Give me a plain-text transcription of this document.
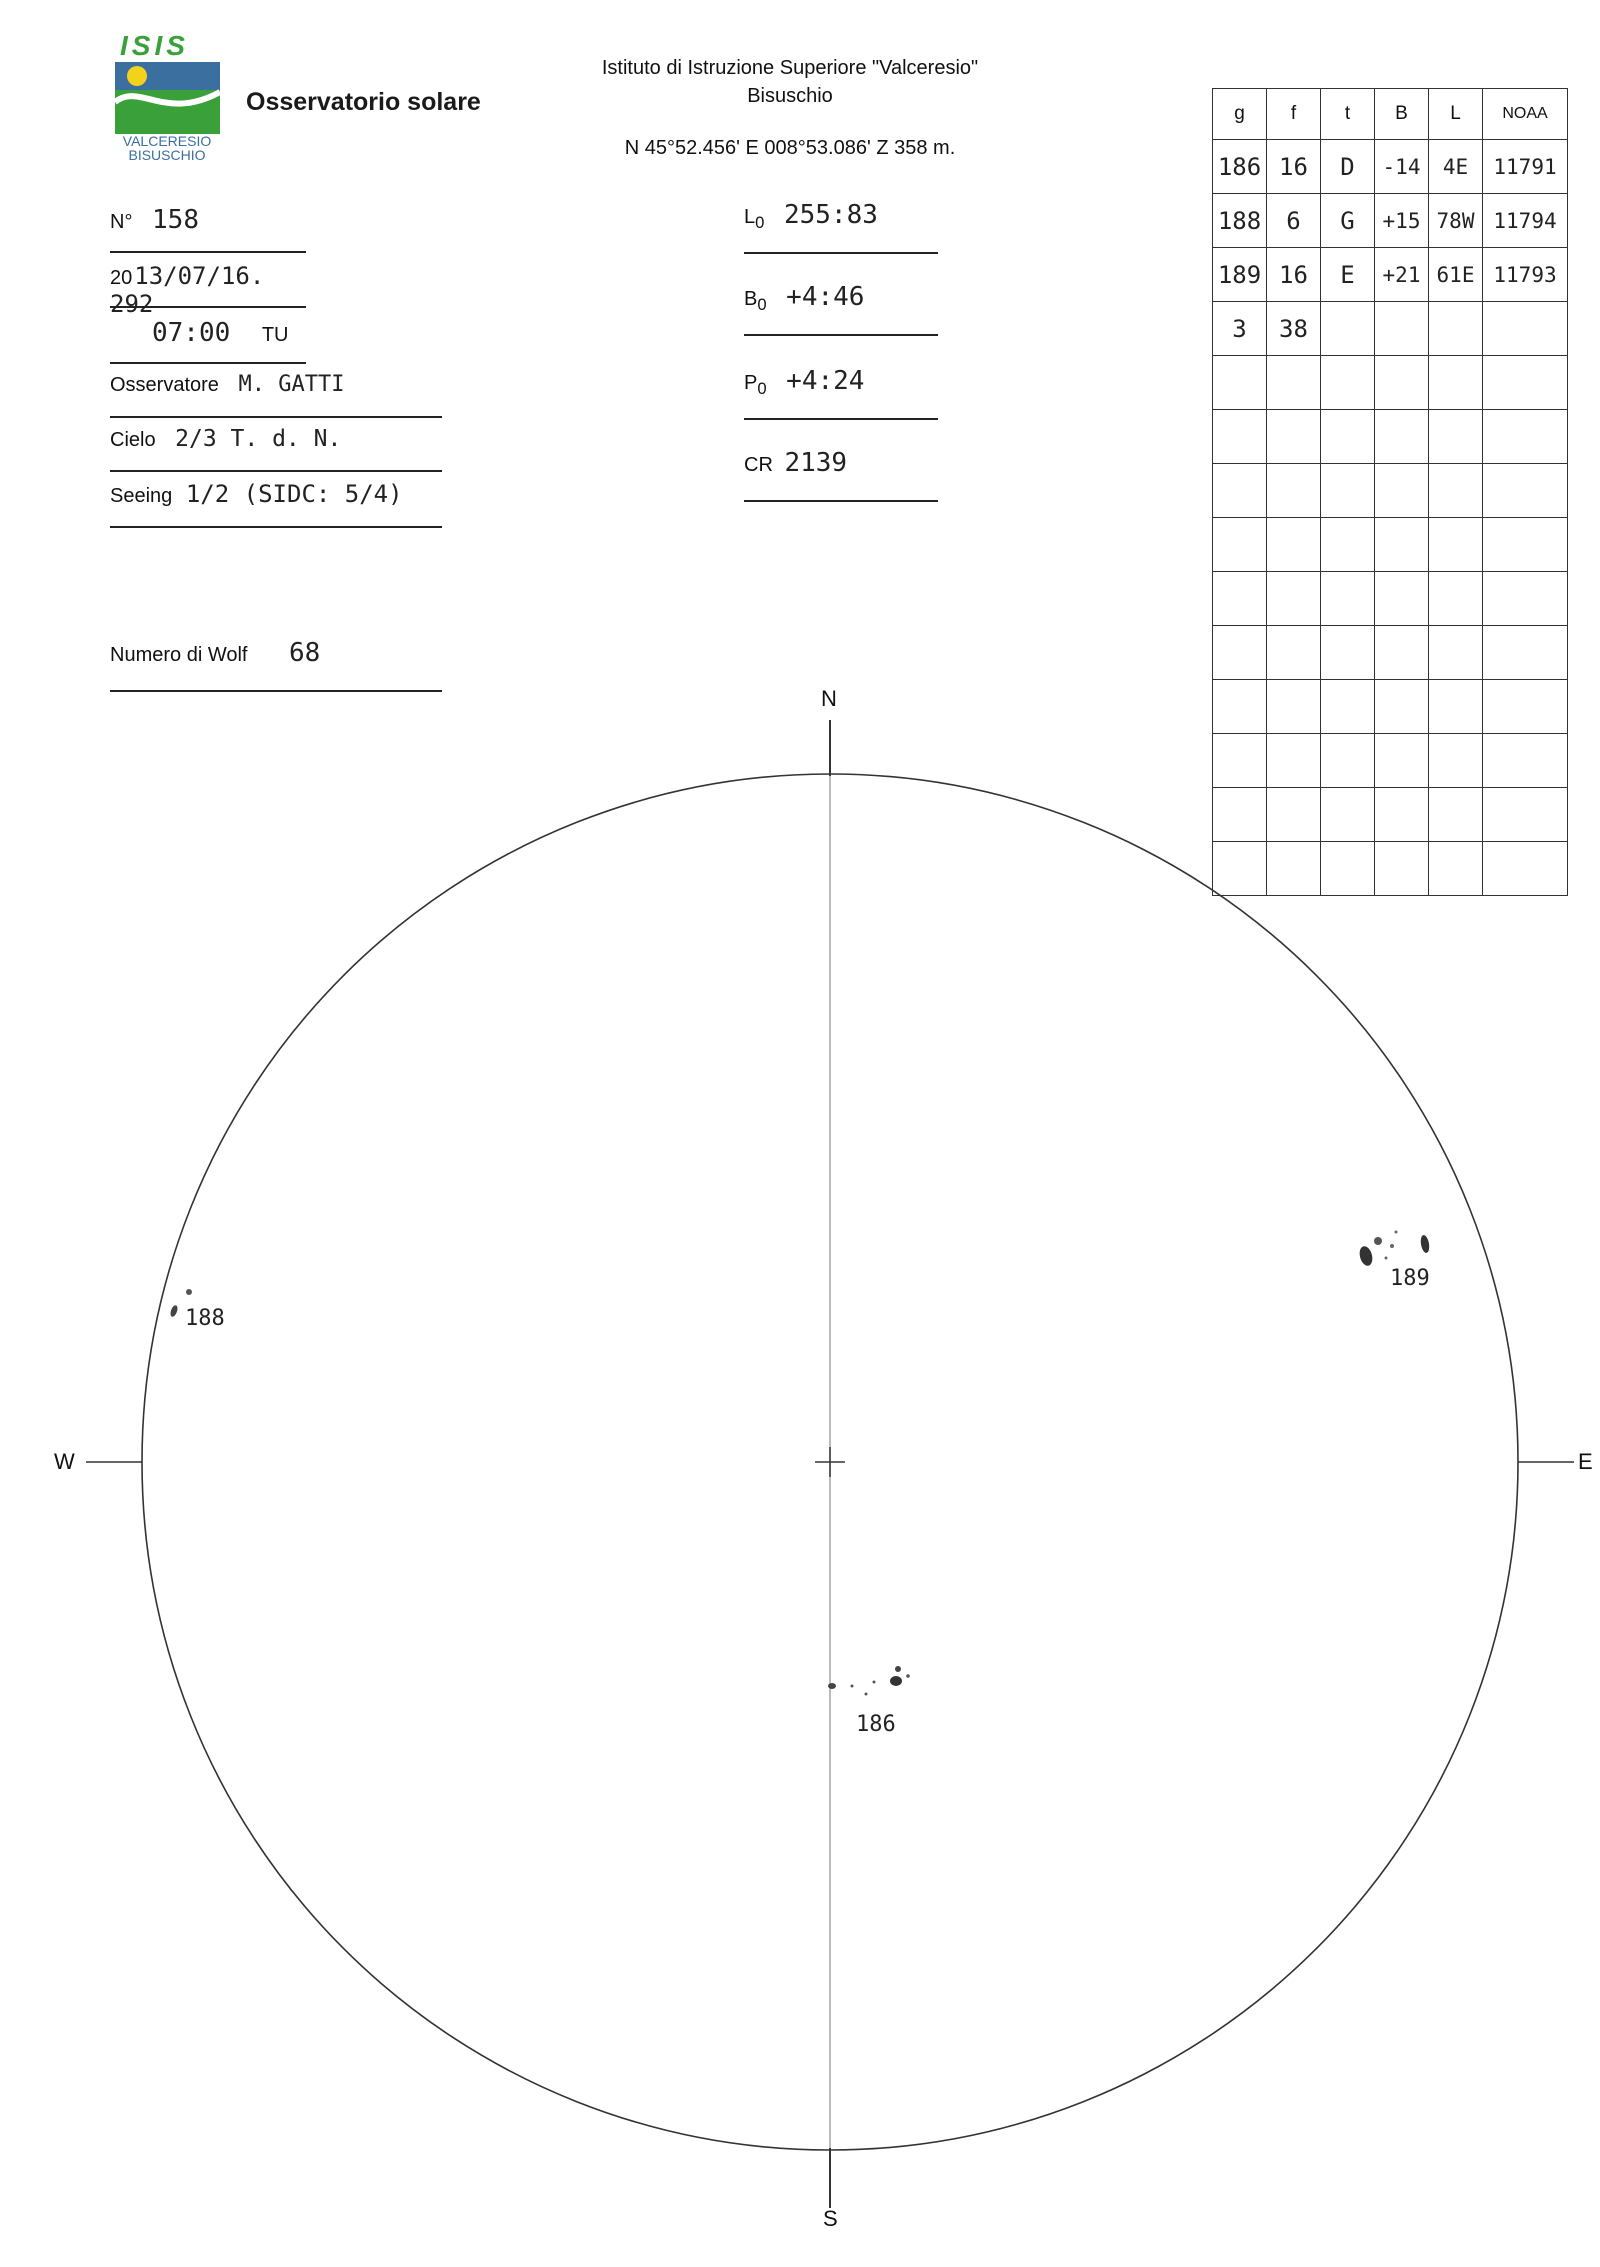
ISIS
VALCERESIO
BISUSCHIO
Osservatorio solare
Istituto di Istruzione Superiore "Valceresio"
Bisuschio
N 45°52.456' E 008°53.086' Z 358 m.
N° 158
2013/07/16. 292
07:00 TU
Osservatore M. GATTI
Cielo 2/3 T. d. N.
Seeing 1/2 (SIDC: 5/4)
Numero di Wolf 68
$L_0$ 255:83
$B_0$ +4:46
$P_0$ +4:24
CR 2139
g	f	t	B	L	NOAA
186	16	D	-14	4E	11791
188	6	G	+15	78W	11794
189	16	E	+21	61E	11793
3	38				

N
S
W	E
188
189
186
